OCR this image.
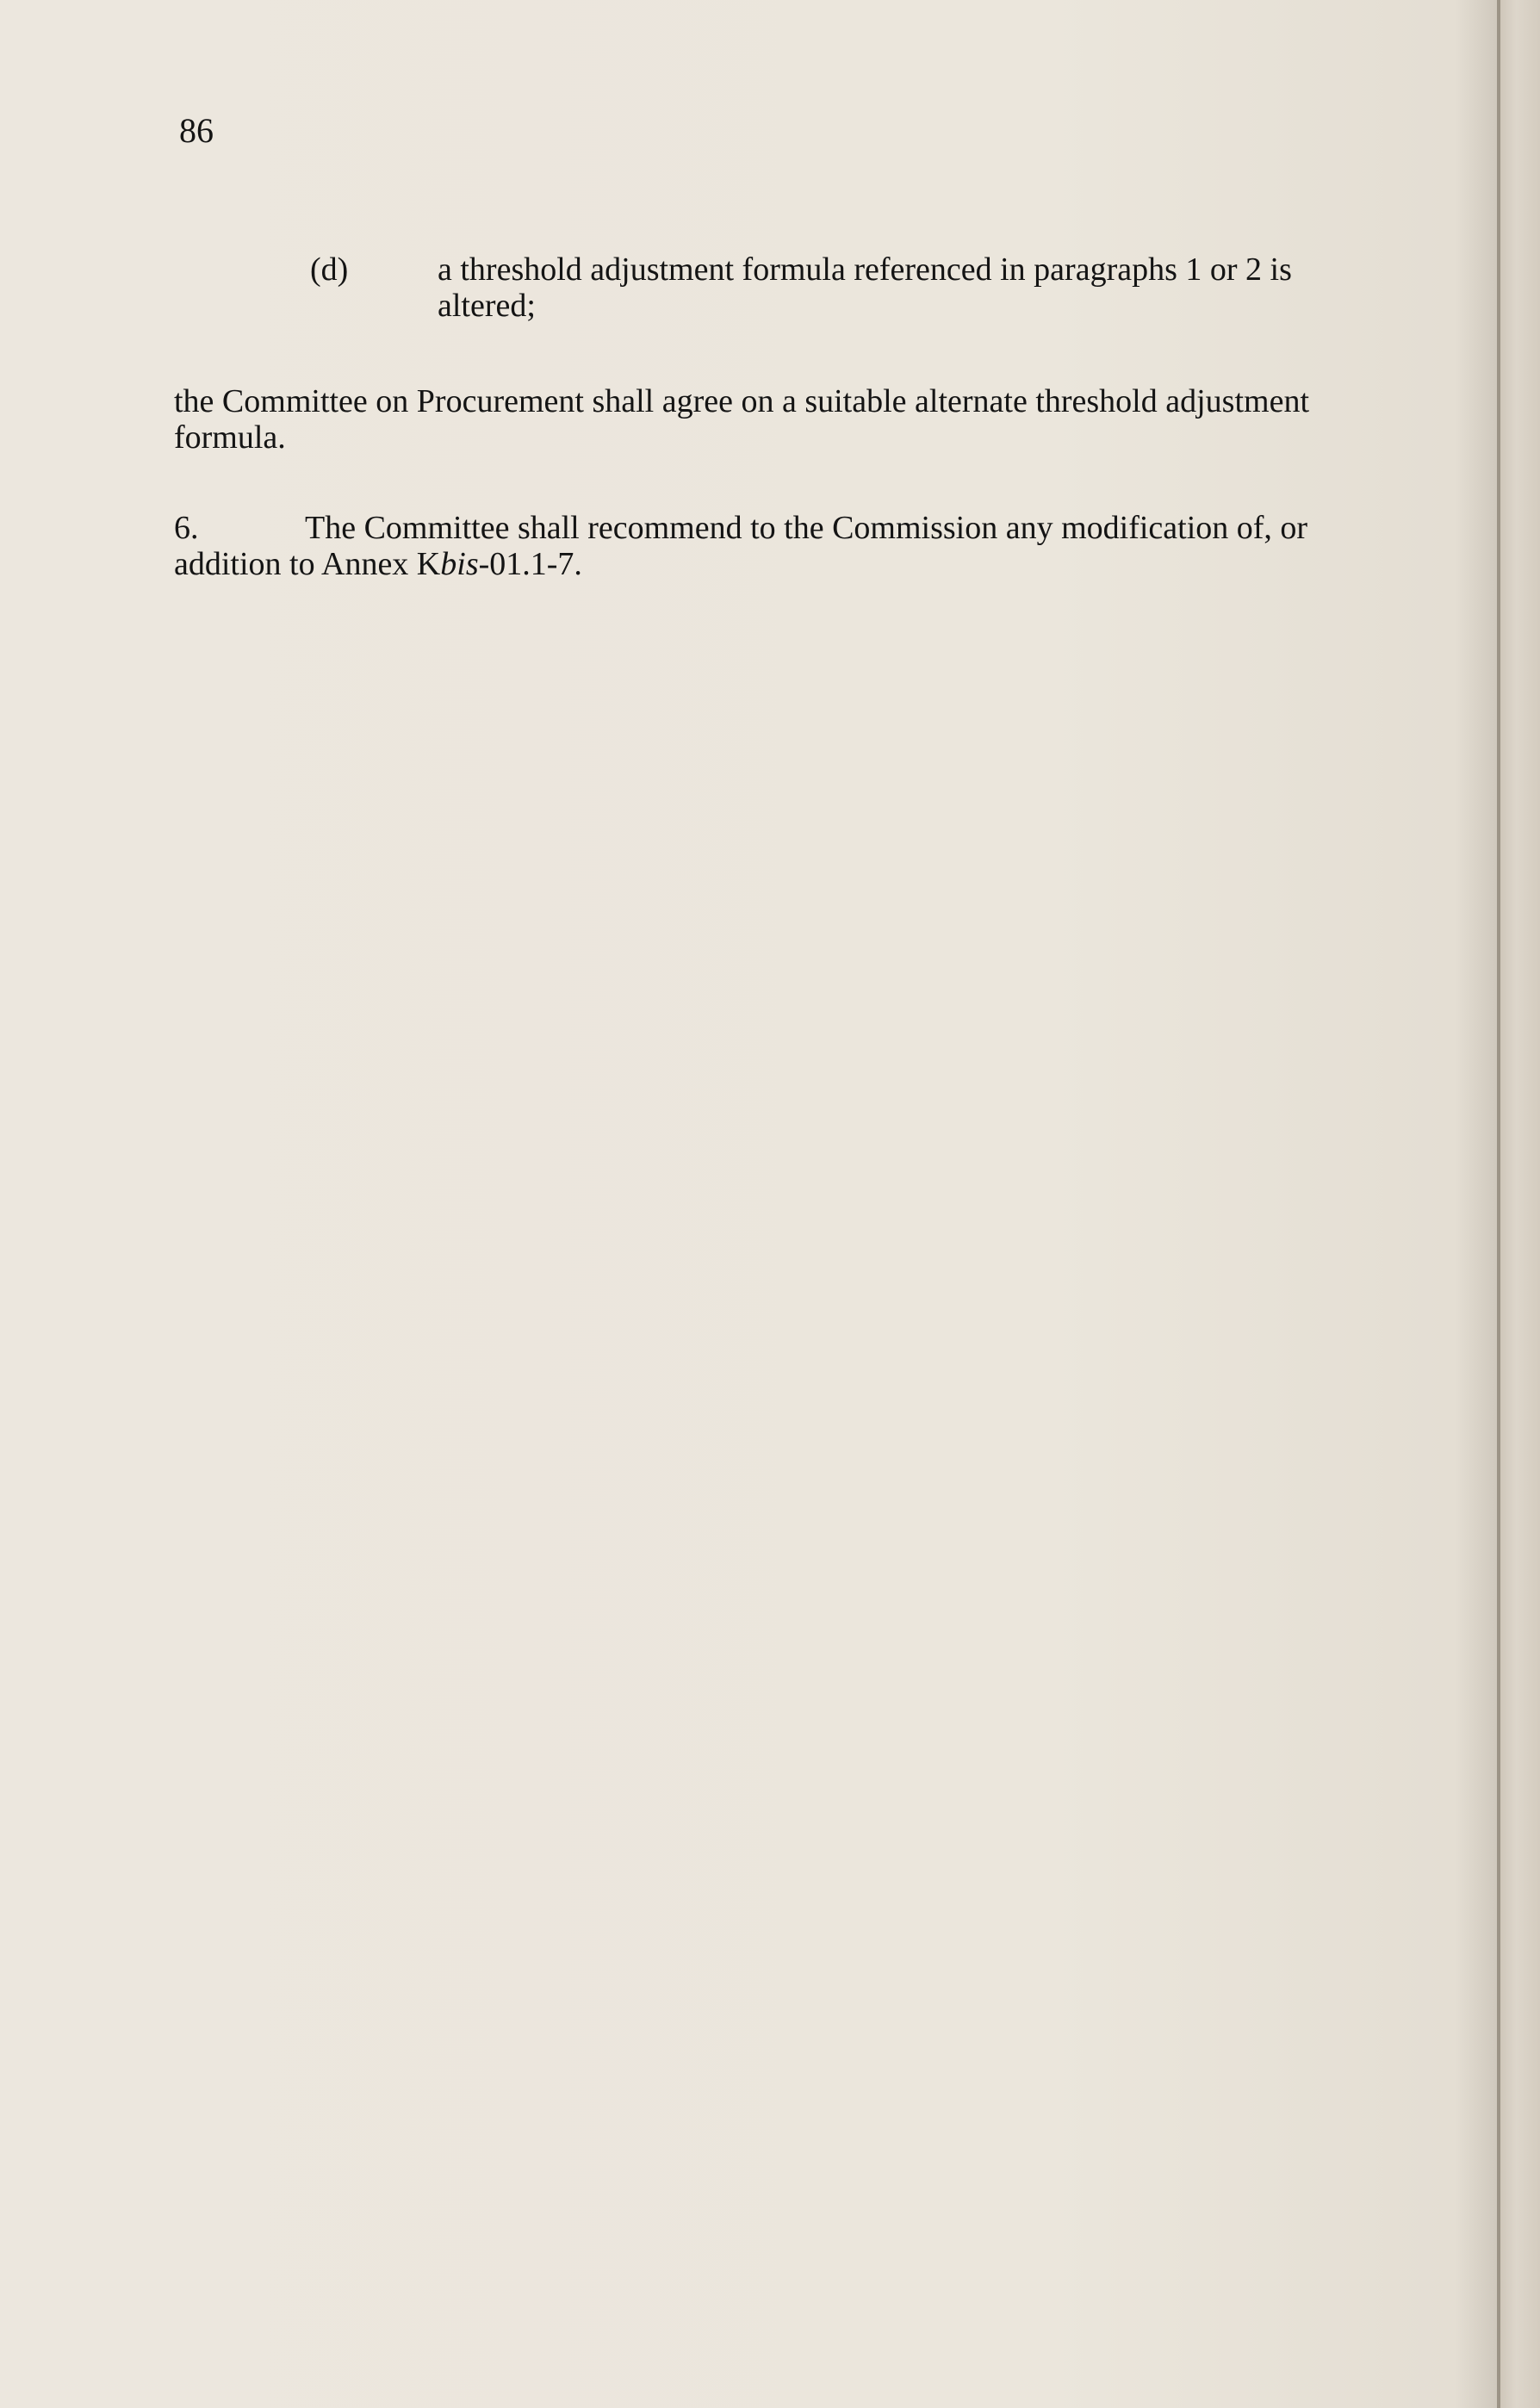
86
(d)	a threshold adjustment formula referenced in paragraphs 1 or 2 is altered;
the Committee on Procurement shall agree on a suitable alternate threshold adjustment formula.
6.	The Committee shall recommend to the Commission any modification of, or addition to Annex Kbis-01.1-7.
